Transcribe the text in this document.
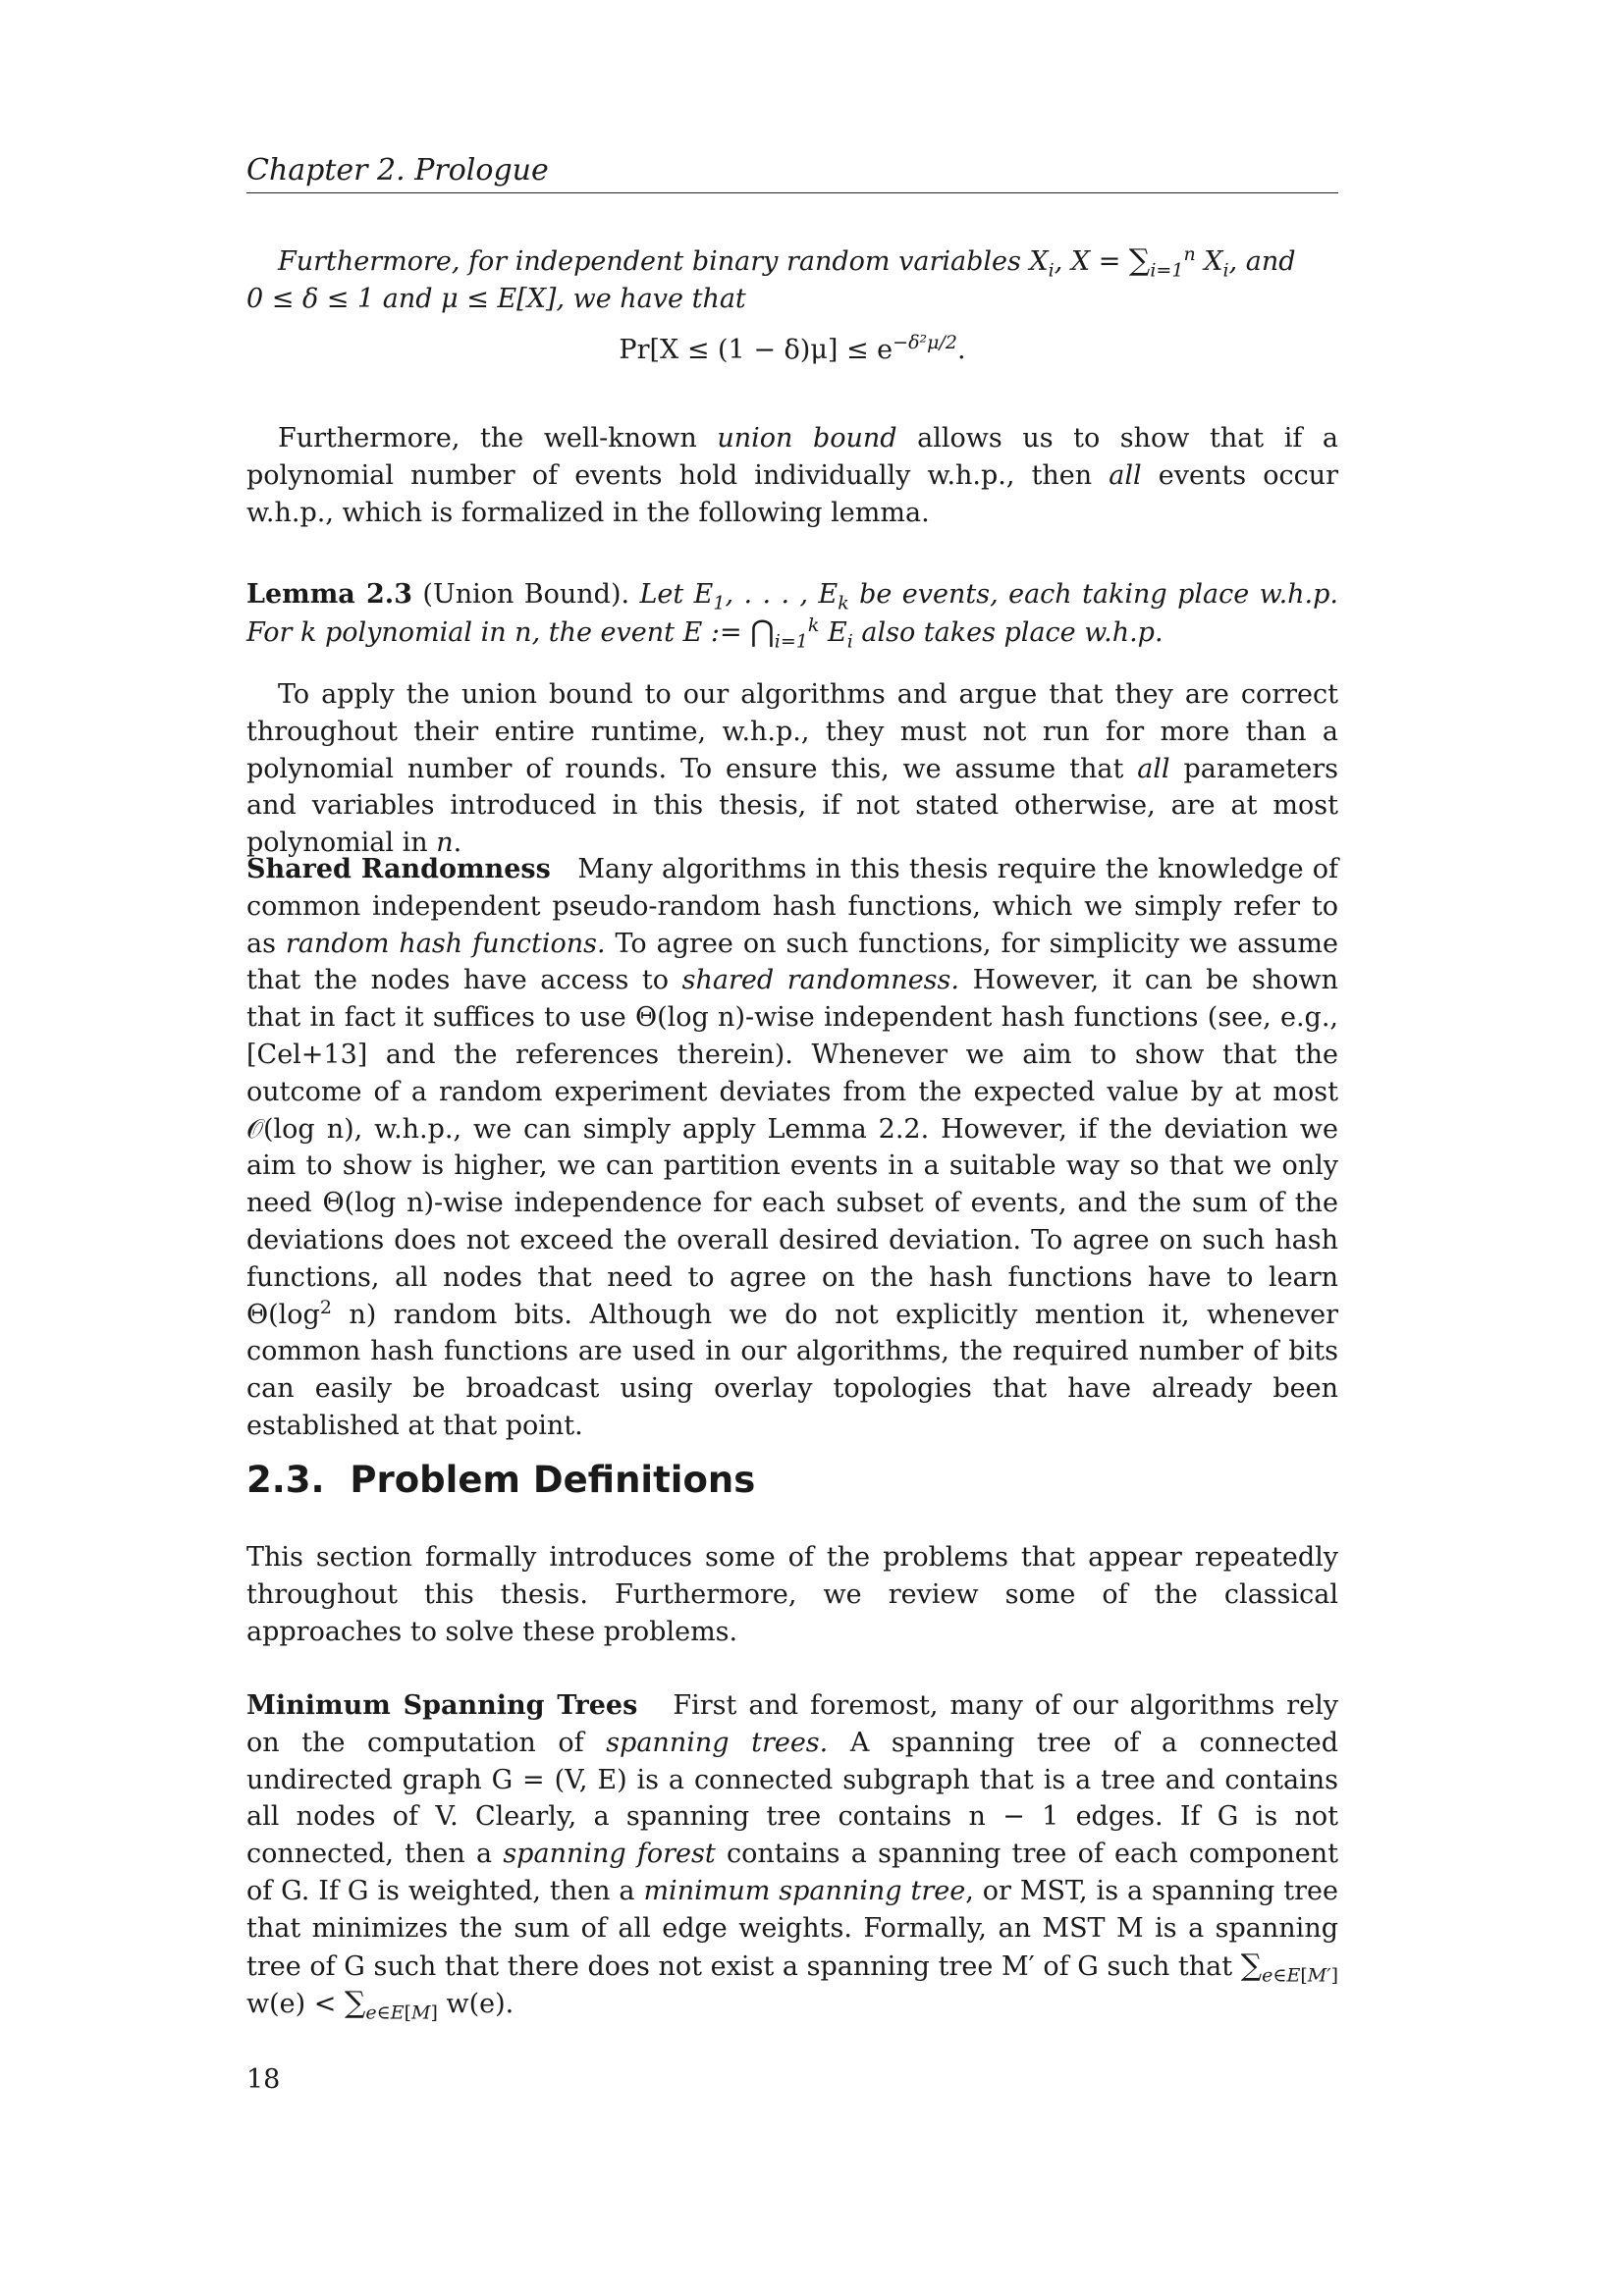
Chapter 2. Prologue

Furthermore, for independent binary random variables $X_i$, $X = \sum_{i=1}^n$ $X_i$, and

0 ≤ δ ≤ 1 and μ ≤ E[X], we have that

$Pr[X \le (1 - \delta)\mu] \le e^{-\delta^2\mu/2}$.

Furthermore, the well-known union bound allows us to show that if a polynomial number of events hold individually w.h.p., then all events occur w.h.p., which is formalized in the following lemma.

Lemma 2.3 (Union Bound). Let $E_1$, . . . , $E_k$ be events, each taking place w.h.p. For k polynomial in n, the event E := $⋂_{i=1}^k$ $E_i$ also takes place w.h.p.

To apply the union bound to our algorithms and argue that they are correct throughout their entire runtime, w.h.p., they must not run for more than a polynomial number of rounds. To ensure this, we assume that all parameters and variables introduced in this thesis, if not stated otherwise, are at most polynomial in n.

Shared Randomness Many algorithms in this thesis require the knowledge of common independent pseudo-random hash functions, which we simply refer to as random hash functions. To agree on such functions, for simplicity we assume that the nodes have access to shared randomness. However, it can be shown that in fact it suffices to use Θ(log n)-wise independent hash functions (see, e.g., [Cel+13] and the references therein). Whenever we aim to show that the outcome of a random experiment deviates from the expected value by at most 𝒪(log n), w.h.p., we can simply apply Lemma 2.2. However, if the deviation we aim to show is higher, we can partition events in a suitable way so that we only need Θ(log n)-wise independence for each subset of events, and the sum of the deviations does not exceed the overall desired deviation. To agree on such hash functions, all nodes that need to agree on the hash functions have to learn $\Theta(\log^2$ n) random bits. Although we do not explicitly mention it, whenever common hash functions are used in our algorithms, the required number of bits can easily be broadcast using overlay topologies that have already been established at that point.

2.3. Problem Definitions

This section formally introduces some of the problems that appear repeatedly throughout this thesis. Furthermore, we review some of the classical approaches to solve these problems.

Minimum Spanning Trees First and foremost, many of our algorithms rely on the computation of spanning trees. A spanning tree of a connected undirected graph G = (V, E) is a connected subgraph that is a tree and contains all nodes of V. Clearly, a spanning tree contains n − 1 edges. If G is not connected, then a spanning forest contains a spanning tree of each component of G. If G is weighted, then a minimum spanning tree, or MST, is a spanning tree that minimizes the sum of all edge weights. Formally, an MST M is a spanning tree of G such that there does not exist a spanning tree M′ of G such that $\sum_{e\in E[M']}$ $w(e) < \sum_{e\in E[M]}$ w(e).

18
